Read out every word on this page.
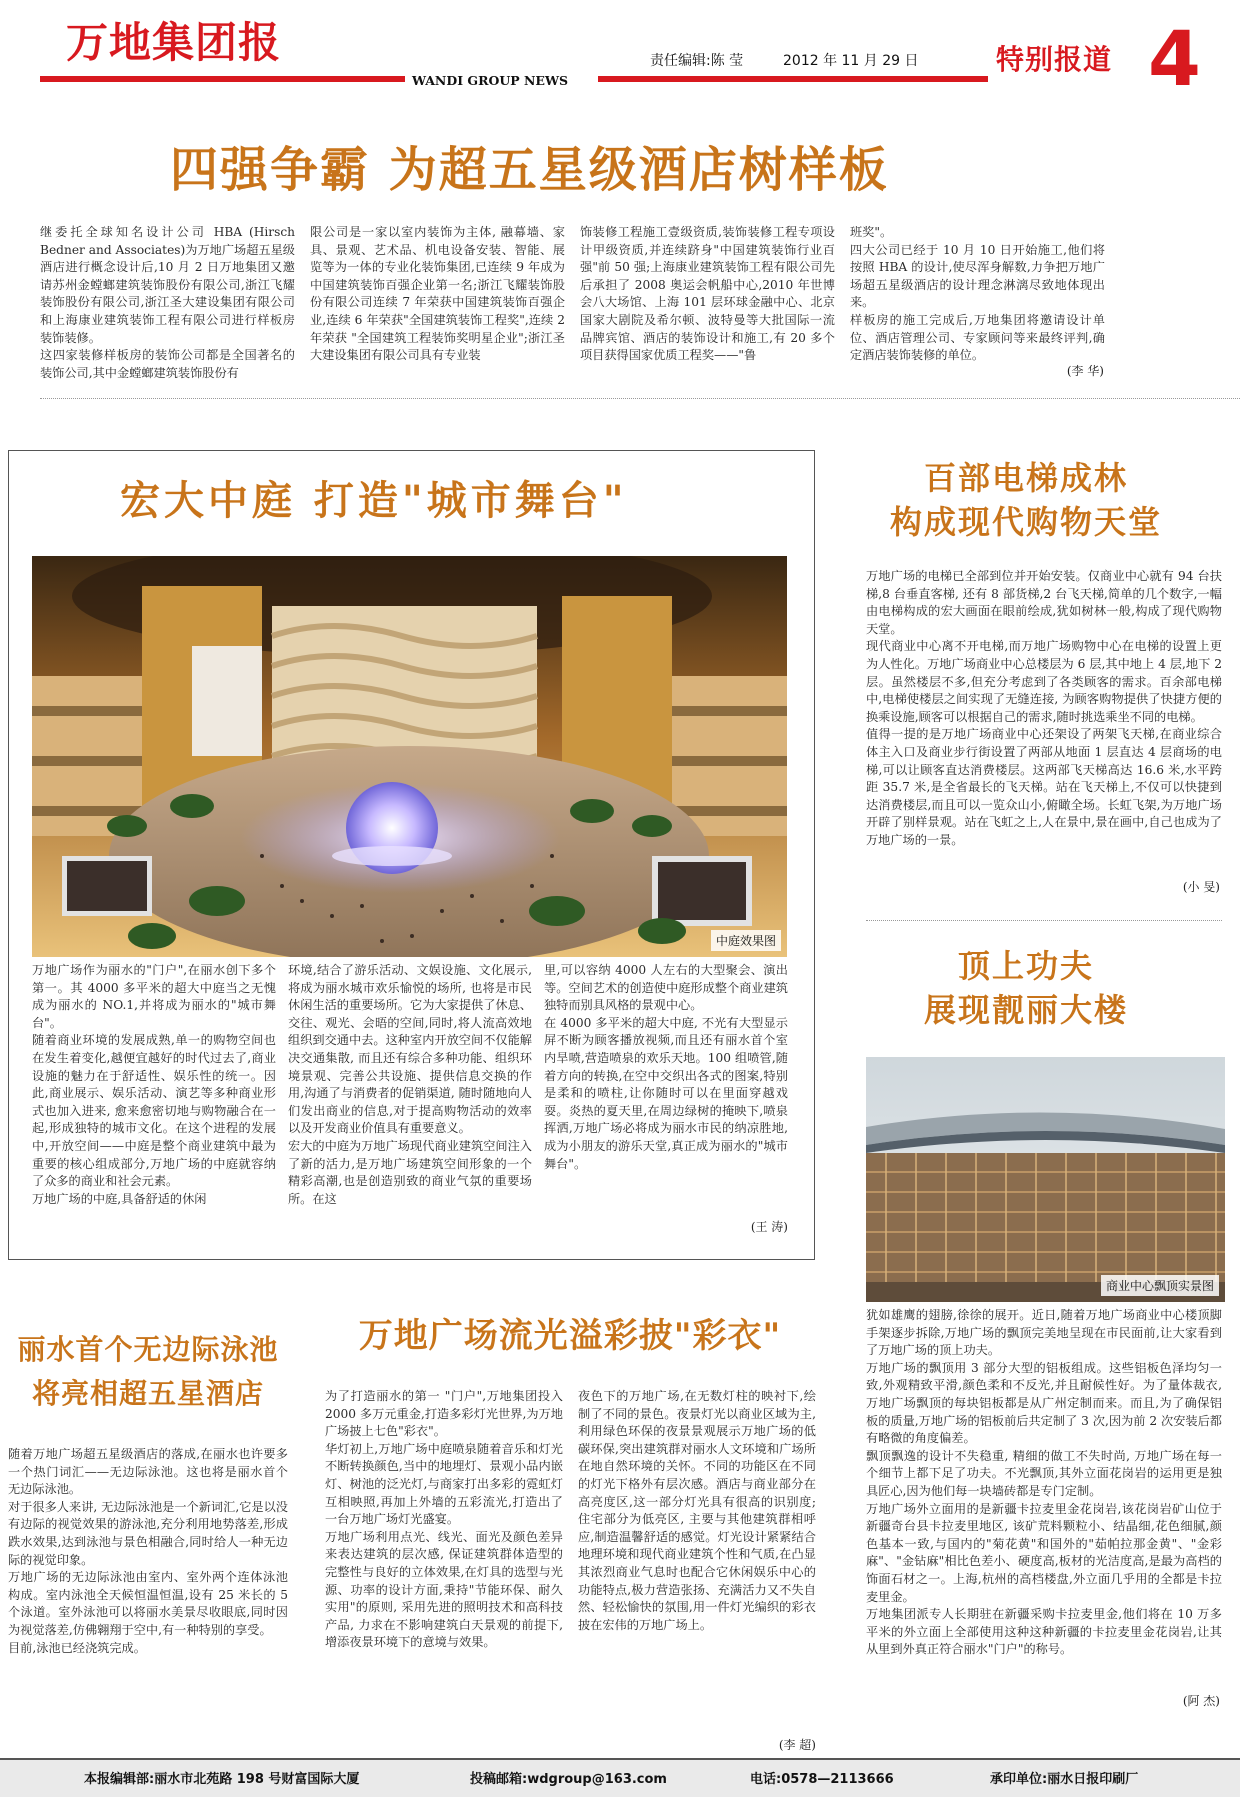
万地集团报
WANDI GROUP NEWS
责任编辑:陈 莹	2012 年 11 月 29 日	特别报道 4
四强争霸 为超五星级酒店树样板

继委托全球知名设计公司 HBA (Hirsch Bedner and Associates)为万地广场超五星级酒店进行概念设计后,10 月 2 日万地集团又邀请苏州金螳螂建筑装饰股份有限公司,浙江飞耀装饰股份有限公司,浙江圣大建设集团有限公司和上海康业建筑装饰工程有限公司进行样板房装饰装修。
这四家装修样板房的装饰公司都是全国著名的装饰公司,其中金螳螂建筑装饰股份有

限公司是一家以室内装饰为主体, 融幕墙、家具、景观、艺术品、机电设备安装、智能、展览等为一体的专业化装饰集团,已连续 9 年成为中国建筑装饰百强企业第一名;浙江飞耀装饰股份有限公司连续 7 年荣获中国建筑装饰百强企业,连续 6 年荣获"全国建筑装饰工程奖",连续 2 年荣获 "全国建筑工程装饰奖明星企业";浙江圣大建设集团有限公司具有专业装

饰装修工程施工壹级资质,装饰装修工程专项设计甲级资质,并连续跻身"中国建筑装饰行业百强"前 50 强;上海康业建筑装饰工程有限公司先后承担了 2008 奥运会帆船中心,2010 年世博会八大场馆、上海 101 层环球金融中心、北京国家大剧院及希尔顿、波特曼等大批国际一流品牌宾馆、酒店的装饰设计和施工,有 20 多个项目获得国家优质工程奖——"鲁

班奖"。
四大公司已经于 10 月 10 日开始施工,他们将按照 HBA 的设计,使尽浑身解数,力争把万地广场超五星级酒店的设计理念淋漓尽致地体现出来。
样板房的施工完成后,万地集团将邀请设计单位、酒店管理公司、专家顾问等来最终评判,确定酒店装饰装修的单位。

(李 华)
宏大中庭 打造"城市舞台"
中庭效果图

万地广场作为丽水的"门户",在丽水创下多个第一。其 4000 多平米的超大中庭当之无愧成为丽水的 NO.1,并将成为丽水的"城市舞台"。
随着商业环境的发展成熟,单一的购物空间也在发生着变化,越便宜越好的时代过去了,商业设施的魅力在于舒适性、娱乐性的统一。因此,商业展示、娱乐活动、演艺等多种商业形式也加入进来, 愈来愈密切地与购物融合在一起,形成独特的城市文化。在这个进程的发展中,开放空间——中庭是整个商业建筑中最为重要的核心组成部分,万地广场的中庭就容纳了众多的商业和社会元素。
万地广场的中庭,具备舒适的休闲

环境,结合了游乐活动、文娱设施、文化展示, 将成为丽水城市欢乐愉悦的场所, 也将是市民休闲生活的重要场所。它为大家提供了休息、交往、观光、会晤的空间,同时,将人流高效地组织到交通中去。这种室内开放空间不仅能解决交通集散, 而且还有综合多种功能、组织环境景观、完善公共设施、提供信息交换的作用,沟通了与消费者的促销渠道, 随时随地向人们发出商业的信息,对于提高购物活动的效率以及开发商业价值具有重要意义。
宏大的中庭为万地广场现代商业建筑空间注入了新的活力,是万地广场建筑空间形象的一个精彩高潮,也是创造别致的商业气氛的重要场所。在这

里,可以容纳 4000 人左右的大型聚会、演出等。空间艺术的创造使中庭形成整个商业建筑独特而别具风格的景观中心。
在 4000 多平米的超大中庭, 不光有大型显示屏不断为顾客播放视频,而且还有丽水首个室内旱喷,营造喷泉的欢乐天地。100 组喷管,随着方向的转换,在空中交织出各式的图案,特别是柔和的喷柱,让你随时可以在里面穿越戏耍。炎热的夏天里,在周边绿树的掩映下,喷泉挥洒,万地广场必将成为丽水市民的纳凉胜地,成为小朋友的游乐天堂,真正成为丽水的"城市舞台"。

(王 涛)
百部电梯成林
构成现代购物天堂

万地广场的电梯已全部到位并开始安装。仅商业中心就有 94 台扶梯,8 台垂直客梯, 还有 8 部货梯,2 台飞天梯,简单的几个数字,一幅由电梯构成的宏大画面在眼前绘成,犹如树林一般,构成了现代购物天堂。
现代商业中心离不开电梯,而万地广场购物中心在电梯的设置上更为人性化。万地广场商业中心总楼层为 6 层,其中地上 4 层,地下 2 层。虽然楼层不多,但充分考虑到了各类顾客的需求。百余部电梯中,电梯使楼层之间实现了无缝连接, 为顾客购物提供了快捷方便的换乘设施,顾客可以根据自己的需求,随时挑选乘坐不同的电梯。
值得一提的是万地广场商业中心还架设了两架飞天梯,在商业综合体主入口及商业步行街设置了两部从地面 1 层直达 4 层商场的电梯,可以让顾客直达消费楼层。这两部飞天梯高达 16.6 米,水平跨距 35.7 米,是全省最长的飞天梯。站在飞天梯上,不仅可以快捷到达消费楼层,而且可以一览众山小,俯瞰全场。长虹飞架,为万地广场开辟了别样景观。站在飞虹之上,人在景中,景在画中,自己也成为了万地广场的一景。

(小 旻)
顶上功夫
展现靓丽大楼
商业中心飘顶实景图

犹如雄鹰的翅膀,徐徐的展开。近日,随着万地广场商业中心楼顶脚手架逐步拆除,万地广场的飘顶完美地呈现在市民面前,让大家看到了万地广场的顶上功夫。
万地广场的飘顶用 3 部分大型的铝板组成。这些铝板色泽均匀一致,外观精致平滑,颜色柔和不反光,并且耐候性好。为了量体裁衣,万地广场飘顶的每块铝板都是从广州定制而来。而且,为了确保铝板的质量,万地广场的铝板前后共定制了 3 次,因为前 2 次安装后都有略微的角度偏差。
飘顶飘逸的设计不失稳重, 精细的做工不失时尚, 万地广场在每一个细节上都下足了功夫。不光飘顶,其外立面花岗岩的运用更是独具匠心,因为他们每一块墙砖都是专门定制。
万地广场外立面用的是新疆卡拉麦里金花岗岩,该花岗岩矿山位于新疆奇台县卡拉麦里地区, 该矿荒料颗粒小、结晶细,花色细腻,颜色基本一致,与国内的"菊花黄"和国外的"茹帕拉那金黄"、"金彩麻"、"金钻麻"相比色差小、硬度高,板材的光洁度高,是最为高档的饰面石材之一。上海,杭州的高档楼盘,外立面几乎用的全都是卡拉麦里金。
万地集团派专人长期驻在新疆采购卡拉麦里金,他们将在 10 万多平米的外立面上全部使用这种这种新疆的卡拉麦里金花岗岩,让其从里到外真正符合丽水"门户"的称号。

(阿 杰)
丽水首个无边际泳池
将亮相超五星酒店

随着万地广场超五星级酒店的落成,在丽水也许要多一个热门词汇——无边际泳池。这也将是丽水首个无边际泳池。
对于很多人来讲, 无边际泳池是一个新词汇,它是以没有边际的视觉效果的游泳池,充分利用地势落差,形成跌水效果,达到泳池与景色相融合,同时给人一种无边际的视觉印象。
万地广场的无边际泳池由室内、室外两个连体泳池构成。室内泳池全天候恒温恒温,设有 25 米长的 5 个泳道。室外泳池可以将丽水美景尽收眼底,同时因为视觉落差,仿佛翱翔于空中,有一种特别的享受。
目前,泳池已经浇筑完成。

万地广场流光溢彩披"彩衣"

为了打造丽水的第一 "门户",万地集团投入 2000 多万元重金,打造多彩灯光世界,为万地广场披上七色"彩衣"。
华灯初上,万地广场中庭喷泉随着音乐和灯光不断转换颜色,当中的地埋灯、景观小品内嵌灯、树池的泛光灯,与商家打出多彩的霓虹灯互相映照,再加上外墙的五彩流光,打造出了一台万地广场灯光盛宴。
万地广场利用点光、线光、面光及颜色差异来表达建筑的层次感, 保证建筑群体造型的完整性与良好的立体效果,在灯具的选型与光源、功率的设计方面,秉持"节能环保、耐久实用"的原则, 采用先进的照明技术和高科技产品, 力求在不影响建筑白天景观的前提下,增添夜景环境下的意境与效果。

夜色下的万地广场,在无数灯柱的映衬下,绘制了不同的景色。夜景灯光以商业区域为主,利用绿色环保的夜景景观展示万地广场的低碳环保,突出建筑群对丽水人文环境和广场所在地自然环境的关怀。不同的功能区在不同的灯光下格外有层次感。酒店与商业部分在高亮度区,这一部分灯光具有很高的识别度;住宅部分为低亮区, 主要与其他建筑群相呼应,制造温馨舒适的感觉。灯光设计紧紧结合地理环境和现代商业建筑个性和气质,在凸显其浓烈商业气息时也配合它休闲娱乐中心的功能特点,极力营造张扬、充满活力又不失自然、轻松愉快的氛围,用一件灯光编织的彩衣披在宏伟的万地广场上。

(李 超)
本报编辑部:丽水市北苑路 198 号财富国际大厦	投稿邮箱:wdgroup@163.com	电话:0578—2113666	承印单位:丽水日报印刷厂
